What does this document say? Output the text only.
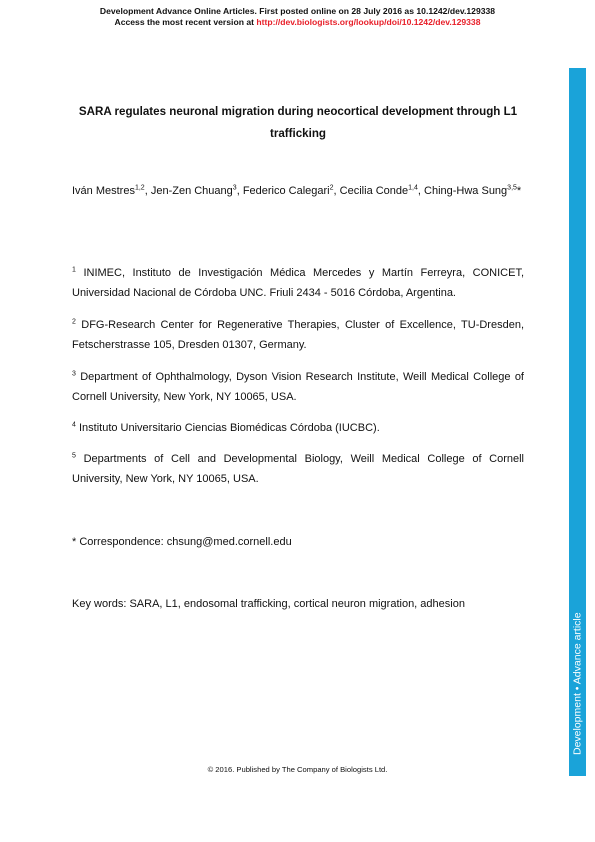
Development Advance Online Articles. First posted online on 28 July 2016 as 10.1242/dev.129338
Access the most recent version at http://dev.biologists.org/lookup/doi/10.1242/dev.129338
SARA regulates neuronal migration during neocortical development through L1 trafficking
Iván Mestres$^{1,2}$, Jen-Zen Chuang$^3$, Federico Calegari$^2$, Cecilia Conde$^{1,4}$, Ching-Hwa Sung$^{3,5}$*
$^1$ INIMEC, Instituto de Investigación Médica Mercedes y Martín Ferreyra, CONICET, Universidad Nacional de Córdoba UNC. Friuli 2434 - 5016 Córdoba, Argentina.
$^2$ DFG-Research Center for Regenerative Therapies, Cluster of Excellence, TU-Dresden, Fetscherstrasse 105, Dresden 01307, Germany.
$^3$ Department of Ophthalmology, Dyson Vision Research Institute, Weill Medical College of Cornell University, New York, NY 10065, USA.
$^4$ Instituto Universitario Ciencias Biomédicas Córdoba (IUCBC).
$^5$ Departments of Cell and Developmental Biology, Weill Medical College of Cornell University, New York, NY 10065, USA.
* Correspondence: chsung@med.cornell.edu
Key words: SARA, L1, endosomal trafficking, cortical neuron migration, adhesion
© 2016. Published by The Company of Biologists Ltd.
Development • Advance article
